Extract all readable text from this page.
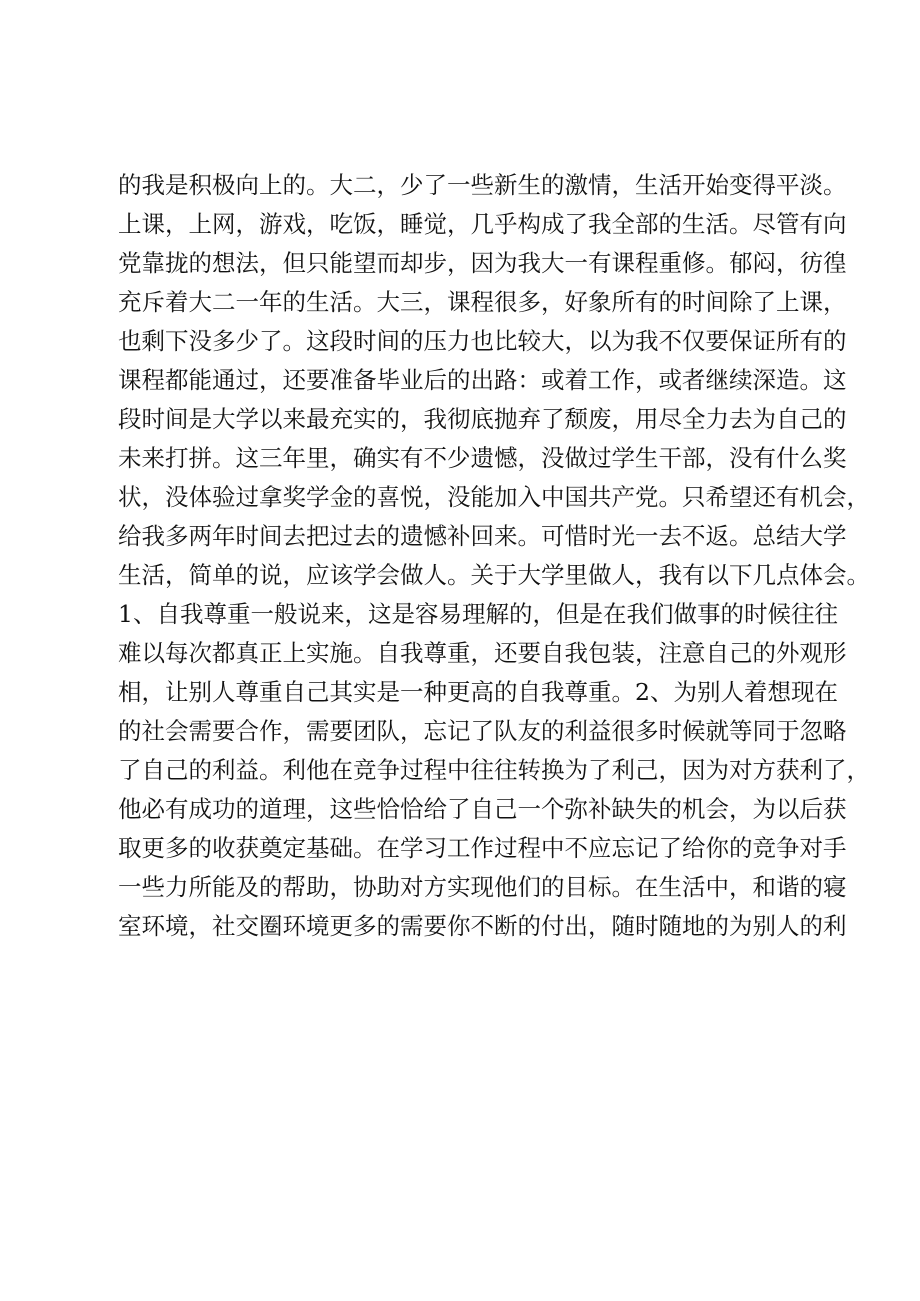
的我是积极向上的。大二，少了一些新生的激情，生活开始变得平淡。
上课，上网，游戏，吃饭，睡觉，几乎构成了我全部的生活。尽管有向
党靠拢的想法，但只能望而却步，因为我大一有课程重修。郁闷，彷徨
充斥着大二一年的生活。大三，课程很多，好象所有的时间除了上课，
也剩下没多少了。这段时间的压力也比较大，以为我不仅要保证所有的
课程都能通过，还要准备毕业后的出路：或着工作，或者继续深造。这
段时间是大学以来最充实的，我彻底抛弃了颓废，用尽全力去为自己的
未来打拼。这三年里，确实有不少遗憾，没做过学生干部，没有什么奖
状，没体验过拿奖学金的喜悦，没能加入中国共产党。只希望还有机会，
给我多两年时间去把过去的遗憾补回来。可惜时光一去不返。总结大学
生活，简单的说，应该学会做人。关于大学里做人，我有以下几点体会。
1、自我尊重一般说来，这是容易理解的，但是在我们做事的时候往往
难以每次都真正上实施。自我尊重，还要自我包装，注意自己的外观形
相，让别人尊重自己其实是一种更高的自我尊重。2、为别人着想现在
的社会需要合作，需要团队，忘记了队友的利益很多时候就等同于忽略
了自己的利益。利他在竞争过程中往往转换为了利己，因为对方获利了，
他必有成功的道理，这些恰恰给了自己一个弥补缺失的机会，为以后获
取更多的收获奠定基础。在学习工作过程中不应忘记了给你的竞争对手
一些力所能及的帮助，协助对方实现他们的目标。在生活中，和谐的寝
室环境，社交圈环境更多的需要你不断的付出，随时随地的为别人的利
